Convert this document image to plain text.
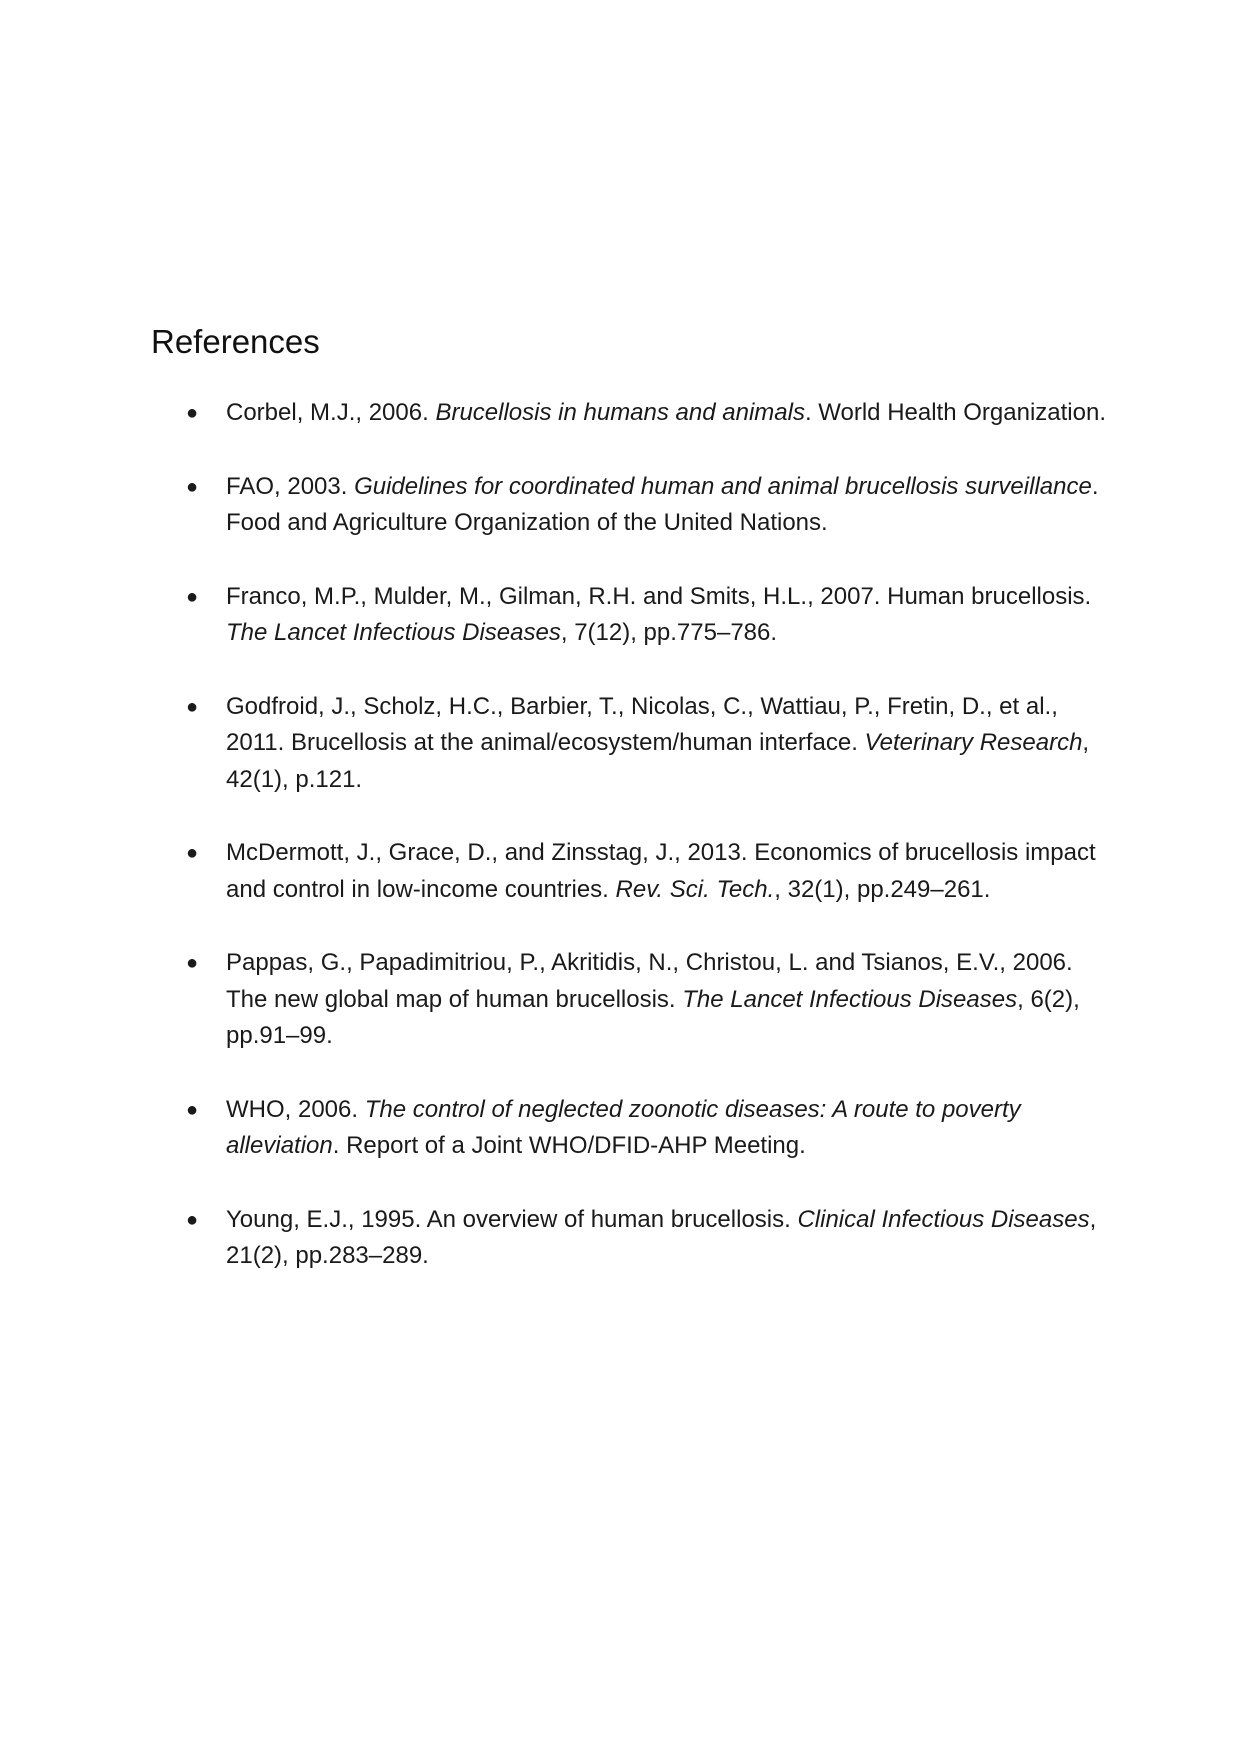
References
● Corbel, M.J., 2006. Brucellosis in humans and animals. World Health Organization.
● FAO, 2003. Guidelines for coordinated human and animal brucellosis surveillance. Food and Agriculture Organization of the United Nations.
● Franco, M.P., Mulder, M., Gilman, R.H. and Smits, H.L., 2007. Human brucellosis. The Lancet Infectious Diseases, 7(12), pp.775–786.
● Godfroid, J., Scholz, H.C., Barbier, T., Nicolas, C., Wattiau, P., Fretin, D., et al., 2011. Brucellosis at the animal/ecosystem/human interface. Veterinary Research, 42(1), p.121.
● McDermott, J., Grace, D., and Zinsstag, J., 2013. Economics of brucellosis impact and control in low-income countries. Rev. Sci. Tech., 32(1), pp.249–261.
● Pappas, G., Papadimitriou, P., Akritidis, N., Christou, L. and Tsianos, E.V., 2006. The new global map of human brucellosis. The Lancet Infectious Diseases, 6(2), pp.91–99.
● WHO, 2006. The control of neglected zoonotic diseases: A route to poverty alleviation. Report of a Joint WHO/DFID-AHP Meeting.
● Young, E.J., 1995. An overview of human brucellosis. Clinical Infectious Diseases, 21(2), pp.283–289.
